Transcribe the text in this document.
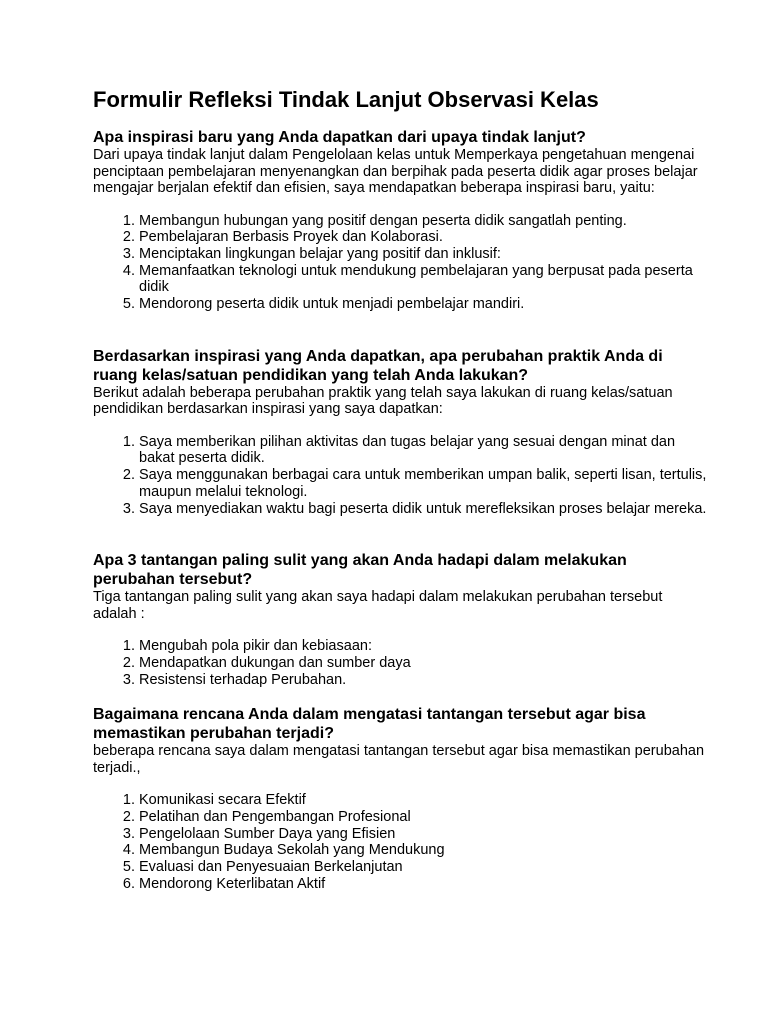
Formulir Refleksi Tindak Lanjut Observasi Kelas
Apa inspirasi baru yang Anda dapatkan dari upaya tindak lanjut?
Dari upaya tindak lanjut dalam Pengelolaan kelas untuk Memperkaya pengetahuan mengenai penciptaan pembelajaran menyenangkan dan berpihak pada peserta didik agar proses belajar mengajar berjalan efektif dan efisien, saya mendapatkan beberapa inspirasi baru, yaitu:
1. Membangun hubungan yang positif dengan peserta didik sangatlah penting.
2. Pembelajaran Berbasis Proyek dan Kolaborasi.
3. Menciptakan lingkungan belajar yang positif dan inklusif:
4. Memanfaatkan teknologi untuk mendukung pembelajaran yang berpusat pada peserta didik
5. Mendorong peserta didik untuk menjadi pembelajar mandiri.
Berdasarkan inspirasi yang Anda dapatkan, apa perubahan praktik Anda di ruang kelas/satuan pendidikan yang telah Anda lakukan?
Berikut adalah beberapa perubahan praktik yang telah saya lakukan di ruang kelas/satuan pendidikan berdasarkan inspirasi yang saya dapatkan:
1. Saya memberikan pilihan aktivitas dan tugas belajar yang sesuai dengan minat dan bakat peserta didik.
2. Saya menggunakan berbagai cara untuk memberikan umpan balik, seperti lisan, tertulis, maupun melalui teknologi.
3. Saya menyediakan waktu bagi peserta didik untuk merefleksikan proses belajar mereka.
Apa 3 tantangan paling sulit yang akan Anda hadapi dalam melakukan perubahan tersebut?
Tiga tantangan paling sulit yang akan saya hadapi dalam melakukan perubahan tersebut adalah :
1. Mengubah pola pikir dan kebiasaan:
2. Mendapatkan dukungan dan sumber daya
3. Resistensi terhadap Perubahan.
Bagaimana rencana Anda dalam mengatasi tantangan tersebut agar bisa memastikan perubahan terjadi?
beberapa rencana saya dalam mengatasi tantangan tersebut agar bisa memastikan perubahan terjadi.,
1. Komunikasi secara Efektif
2. Pelatihan dan Pengembangan Profesional
3. Pengelolaan Sumber Daya yang Efisien
4. Membangun Budaya Sekolah yang Mendukung
5. Evaluasi dan Penyesuaian Berkelanjutan
6. Mendorong Keterlibatan Aktif
